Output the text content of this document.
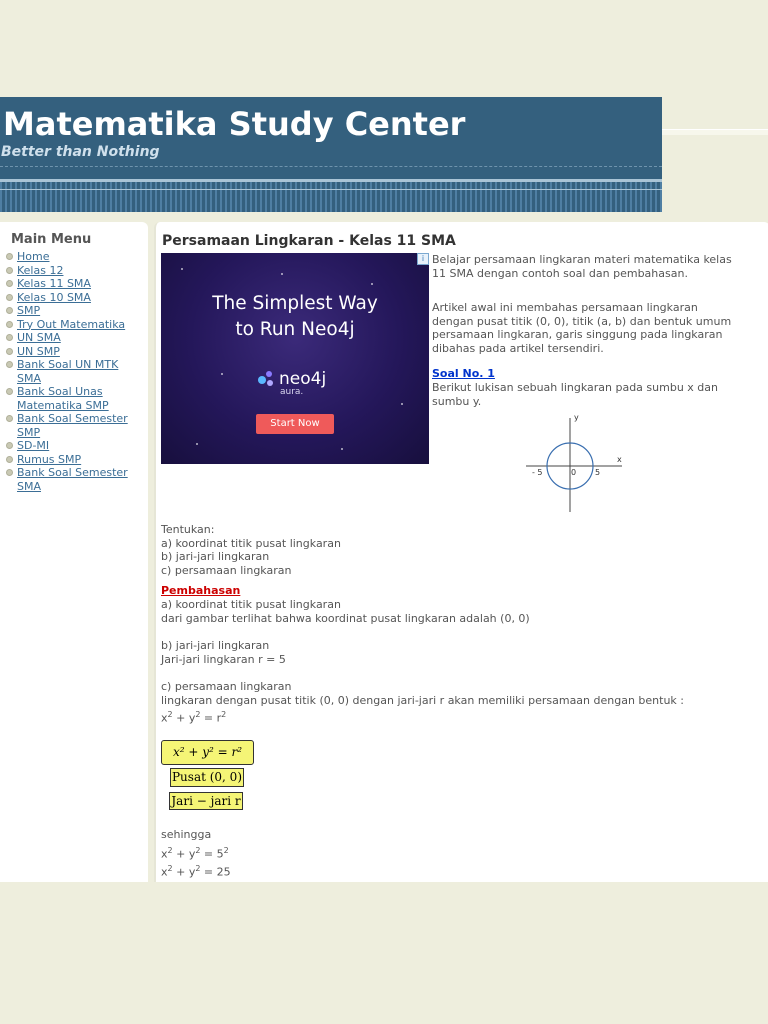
Matematika Study Center
Better than Nothing
Main Menu
Home
Kelas 12
Kelas 11 SMA
Kelas 10 SMA
SMP
Try Out Matematika
UN SMA
UN SMP
Bank Soal UN MTK SMA
Bank Soal Unas Matematika SMP
Bank Soal Semester SMP
SD-MI
Rumus SMP
Bank Soal Semester SMA
Persamaan Lingkaran - Kelas 11 SMA
i
The Simplest Way
to Run Neo4j
neo4j
aura.
Start Now
Belajar persamaan lingkaran materi matematika kelas 11 SMA dengan contoh soal dan pembahasan.
Artikel awal ini membahas persamaan lingkaran dengan pusat titik (0, 0), titik (a, b) dan bentuk umum persamaan lingkaran, garis singgung pada lingkaran dibahas pada artikel tersendiri.
Soal No. 1
Berikut lukisan sebuah lingkaran pada sumbu x dan sumbu y.
y
x
- 5	0 5
Tentukan:
a) koordinat titik pusat lingkaran
b) jari-jari lingkaran
c) persamaan lingkaran
Pembahasan
a) koordinat titik pusat lingkaran
dari gambar terlihat bahwa koordinat pusat lingkaran adalah (0, 0)
b) jari-jari lingkaran
Jari-jari lingkaran r = 5
c) persamaan lingkaran
lingkaran dengan pusat titik (0, 0) dengan jari-jari r akan memiliki persamaan dengan bentuk :
$x^2 + y^2 = r^2$
x² + y² = r²
Pusat (0, 0)
Jari − jari r
sehingga
$x^2 + y^2 = 5^2$
$x^2 + y^2 = 25$
